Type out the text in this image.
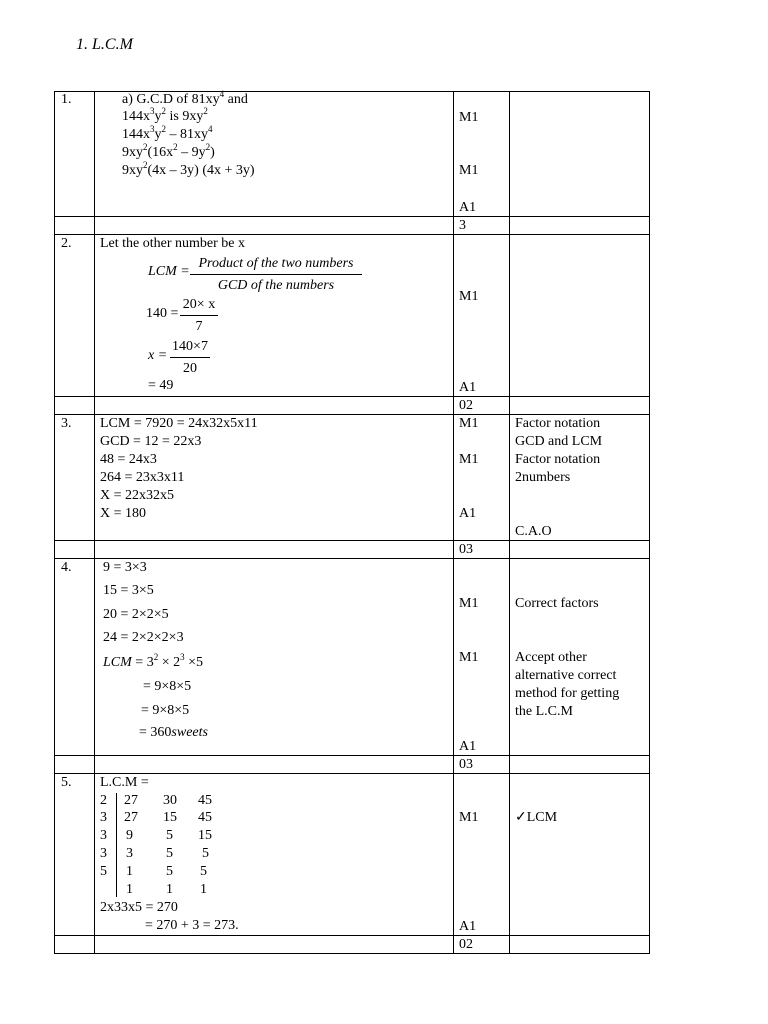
1. L.C.M
1.	a) G.C.D of $81xy^4$ and
$144x^3y^2$ is $9xy^2$
$144x^3y^2 - 81xy^4$
$9xy^2(16x^2 - 9y^2)$
$9xy^2(4x - 3y) (4x + 3y)$
M1
M1
A1
3
2. Let the other number be x
LCM =
Product of the two numbers
GCD of the numbers
$140 = \frac{20\times x}{7}$
$x = \frac{140\times 7}{20}$
= 49
M1
A1
02
3. LCM = 7920 = 24x32x5x11
GCD = 12 = 22x3
48 = 24x3
264 = 23x3x11
X = 22x32x5
X = 180
M1
M1
A1
Factor notation
GCD and LCM
Factor notation
2numbers
C.A.O
03
4. 9 = 3×3
15 = 3×5
20 = 2×2×5
24 = 2×2×2×3
LCM = $3^2 \times 2^3 \times 5$
= 9×8×5
= 9×8×5
= 360sweets
M1
M1
A1
Correct factors
Accept other
alternative correct
method for getting
the L.C.M
03
5. L.C.M =
2
3
3
3
5
27 30 45
27 15 45
9 5 15
3 5 5
1 5 5
1 1 1
2x33x5 = 270
= 270 + 3 = 273.
M1
A1
✓LCM
02
